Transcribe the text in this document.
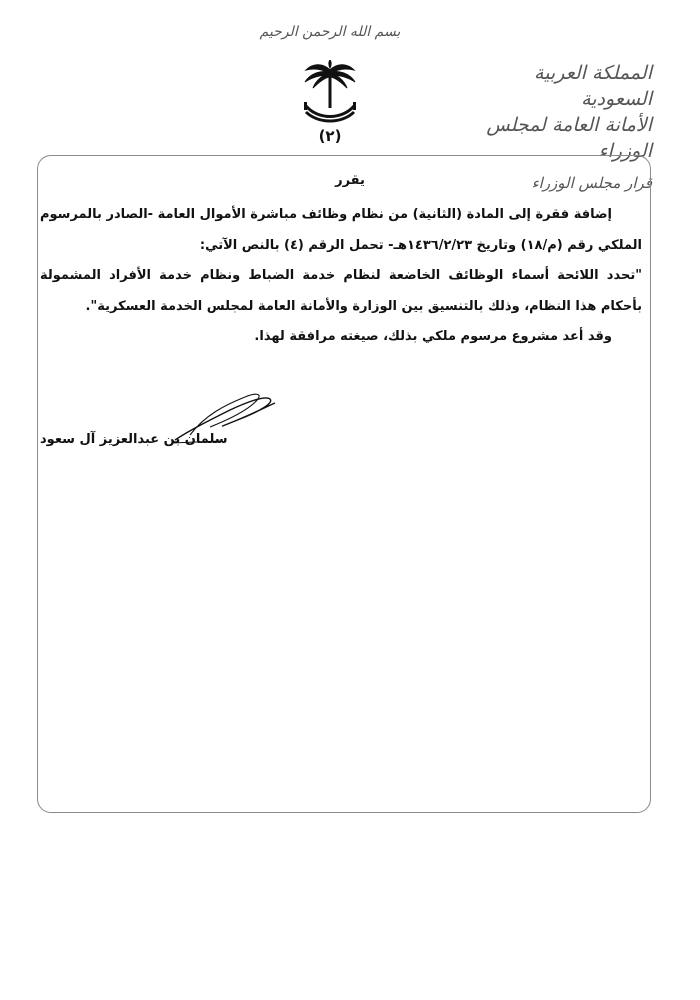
بسم الله الرحمن الرحيم
(٢)
المملكة العربية السعودية
الأمانة العامة لمجلس الوزراء
قرار مجلس الوزراء
يقرر

إضافة فقرة إلى المادة (الثانية) من نظام وظائف مباشرة الأموال العامة -الصادر بالمرسوم الملكي رقم (م/١٨) وتاريخ ١٤٣٦/٢/٢٣هـ- تحمل الرقم (٤) بالنص الآتي:

"تحدد اللائحة أسماء الوظائف الخاضعة لنظام خدمة الضباط ونظام خدمة الأفراد المشمولة بأحكام هذا النظام، وذلك بالتنسيق بين الوزارة والأمانة العامة لمجلس الخدمة العسكرية".

وقد أعد مشروع مرسوم ملكي بذلك، صيغته مرافقة لهذا.

سلمان بن عبدالعزيز آل سعود
